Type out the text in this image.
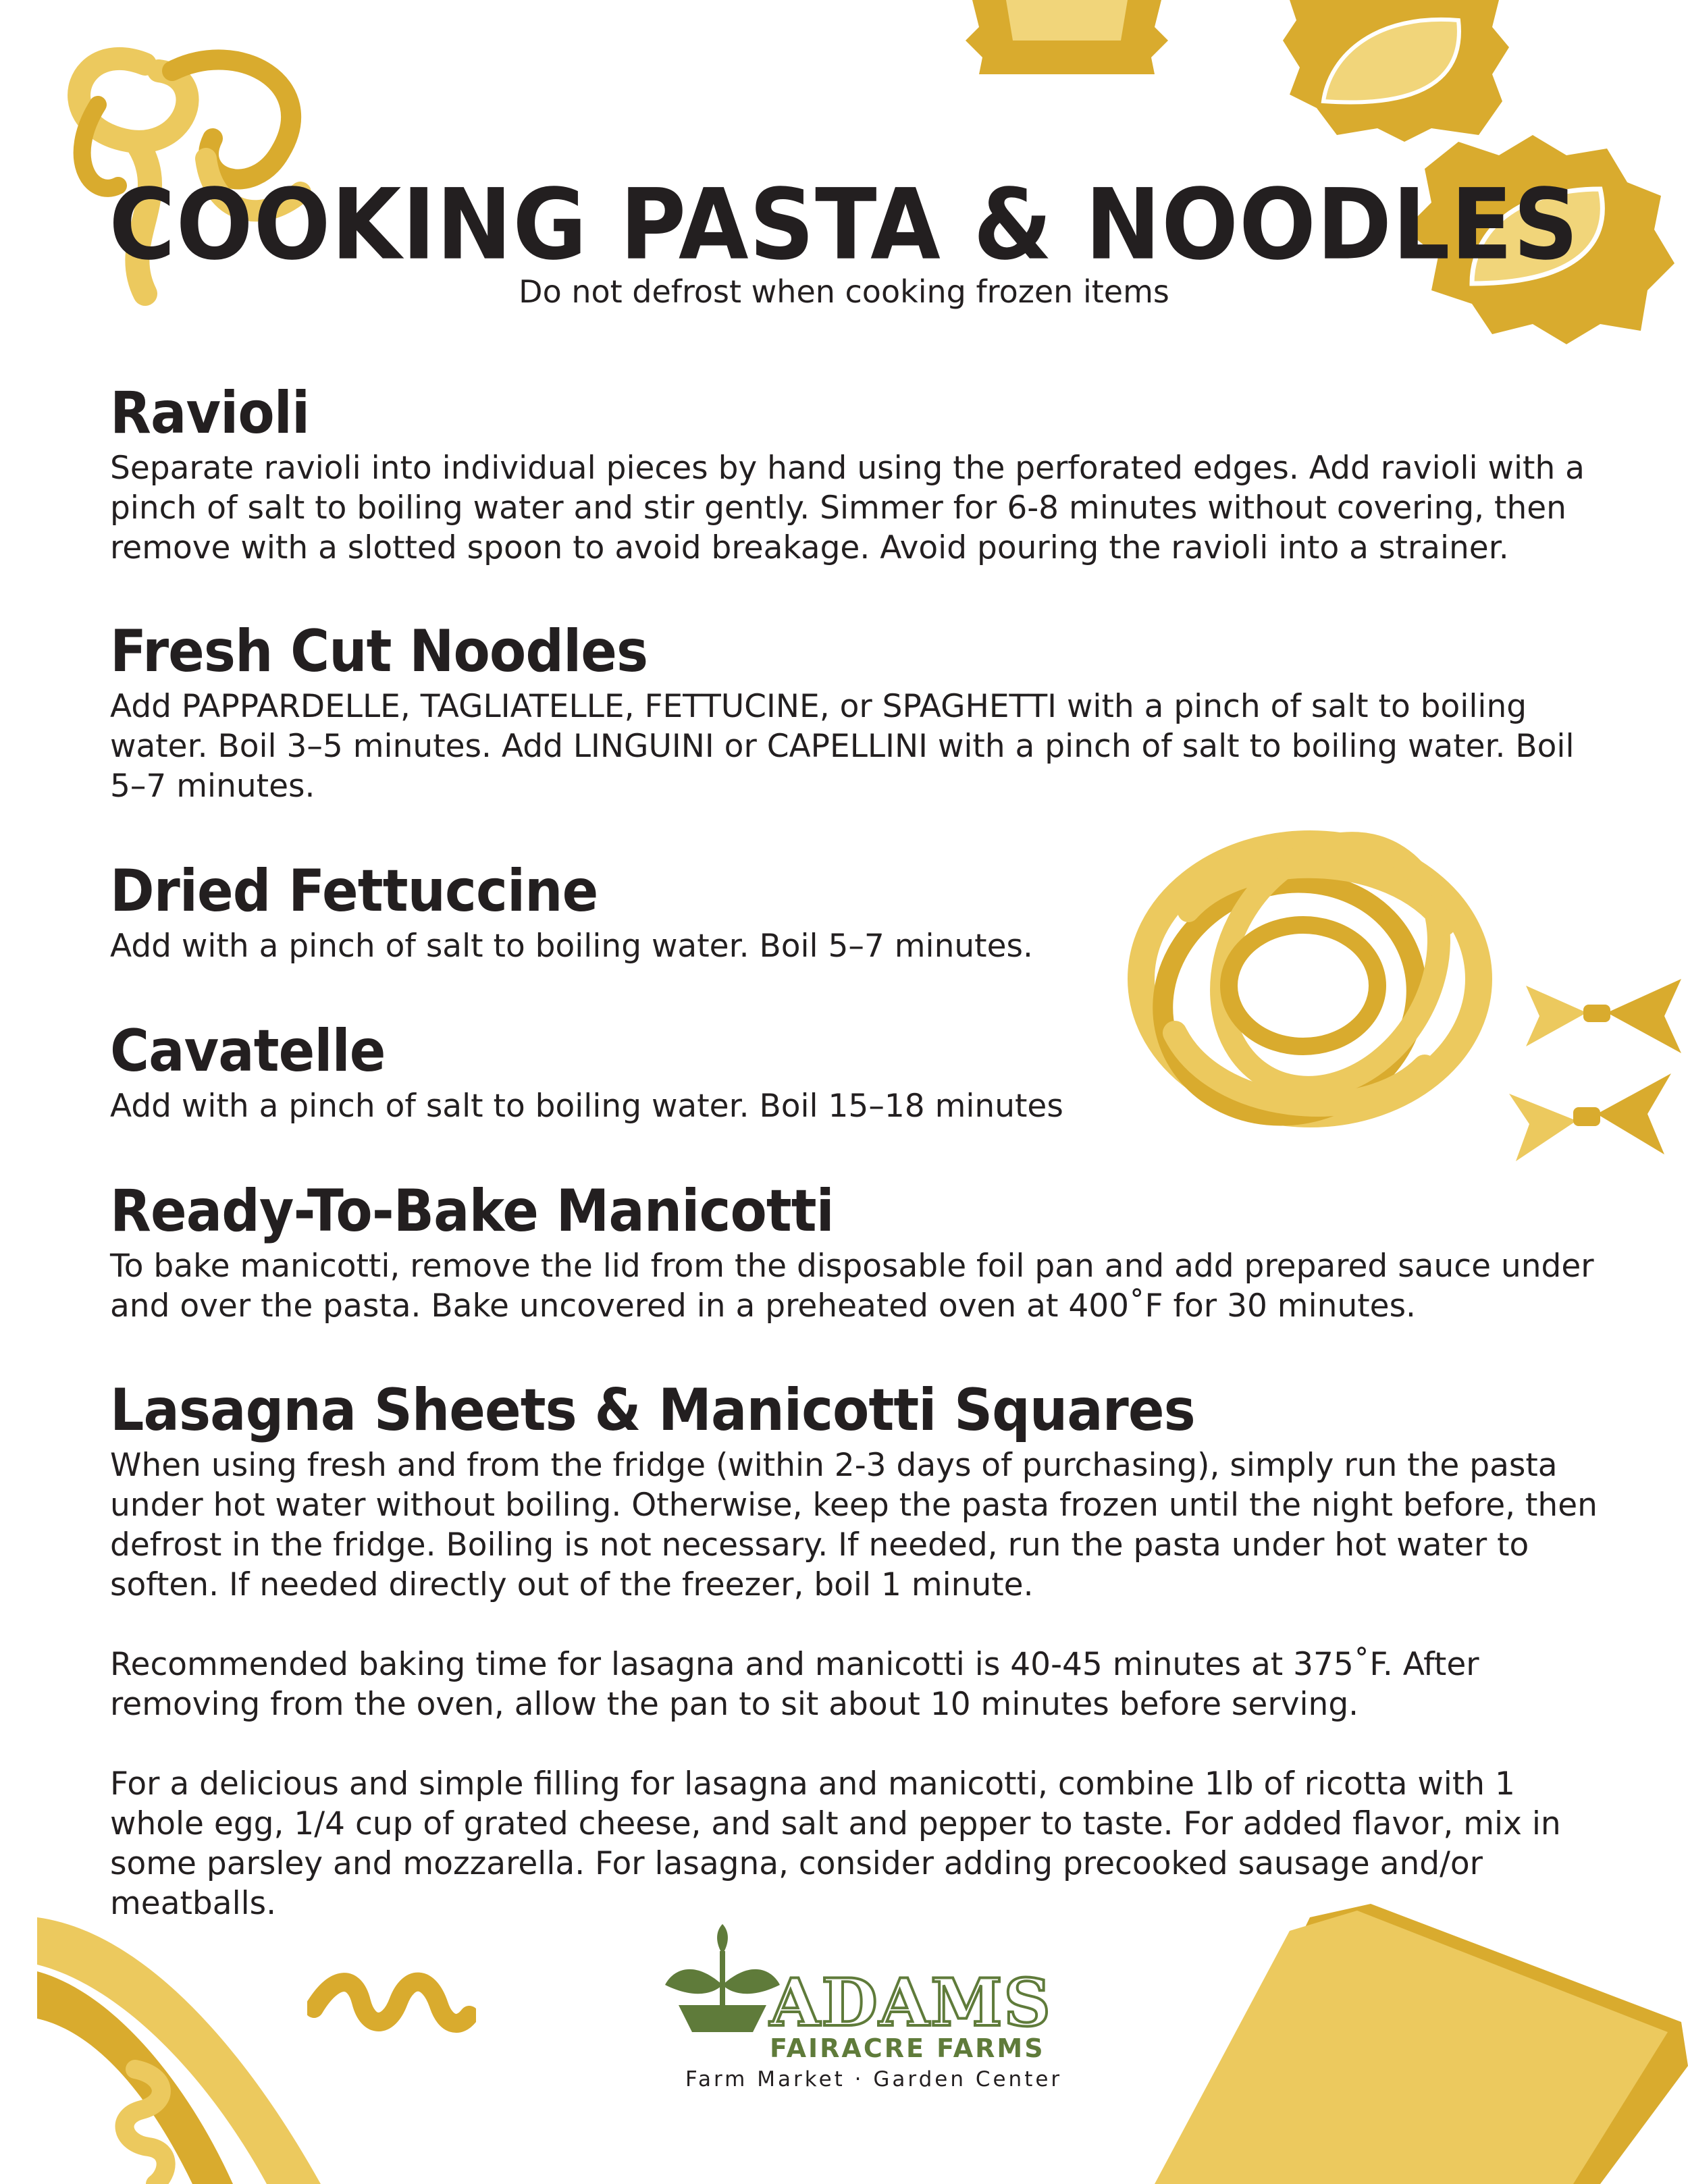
COOKING PASTA & NOODLES
Do not defrost when cooking frozen items
Ravioli

Separate ravioli into individual pieces by hand using the perforated edges. Add ravioli with a pinch of salt to boiling water and stir gently. Simmer for 6-8 minutes without covering, then remove with a slotted spoon to avoid breakage. Avoid pouring the ravioli into a strainer.

Fresh Cut Noodles

Add PAPPARDELLE, TAGLIATELLE, FETTUCINE, or SPAGHETTI with a pinch of salt to boiling water. Boil 3–5 minutes. Add LINGUINI or CAPELLINI with a pinch of salt to boiling water. Boil 5–7 minutes.

Dried Fettuccine

Add with a pinch of salt to boiling water. Boil 5–7 minutes.

Cavatelle

Add with a pinch of salt to boiling water. Boil 15–18 minutes

Ready-To-Bake Manicotti

To bake manicotti, remove the lid from the disposable foil pan and add prepared sauce under and over the pasta. Bake uncovered in a preheated oven at 400˚F for 30 minutes.

Lasagna Sheets & Manicotti Squares

When using fresh and from the fridge (within 2-3 days of purchasing), simply run the pasta under hot water without boiling. Otherwise, keep the pasta frozen until the night before, then defrost in the fridge. Boiling is not necessary. If needed, run the pasta under hot water to soften. If needed directly out of the freezer, boil 1 minute.

Recommended baking time for lasagna and manicotti is 40-45 minutes at 375˚F. After removing from the oven, allow the pan to sit about 10 minutes before serving.

For a delicious and simple filling for lasagna and manicotti, combine 1lb of ricotta with 1 whole egg, 1/4 cup of grated cheese, and salt and pepper to taste. For added flavor, mix in some parsley and mozzarella. For lasagna, consider adding precooked sausage and/or meatballs.

ADAMS
FAIRACRE FARMS
Farm Market · Garden Center
